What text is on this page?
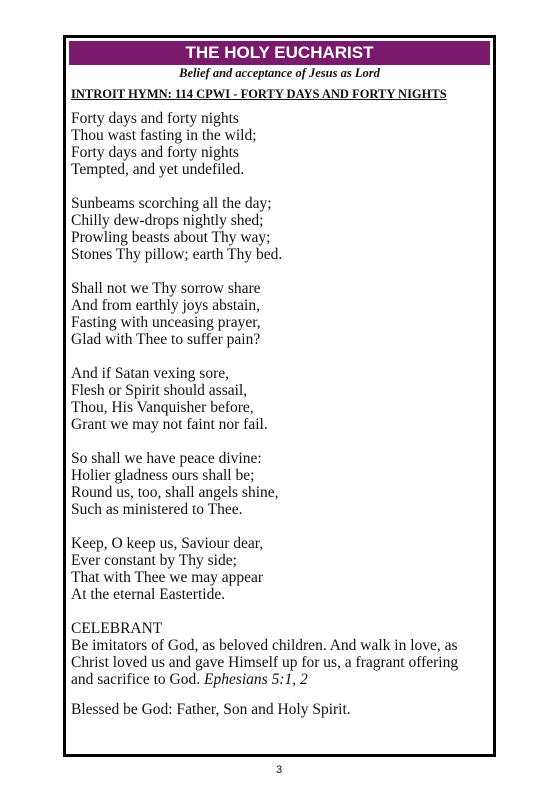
THE HOLY EUCHARIST
Belief and acceptance of Jesus as Lord
INTROIT HYMN: 114 CPWI - FORTY DAYS AND FORTY NIGHTS
Forty days and forty nights
Thou wast fasting in the wild;
Forty days and forty nights
Tempted, and yet undefiled.
Sunbeams scorching all the day;
Chilly dew-drops nightly shed;
Prowling beasts about Thy way;
Stones Thy pillow; earth Thy bed.
Shall not we Thy sorrow share
And from earthly joys abstain,
Fasting with unceasing prayer,
Glad with Thee to suffer pain?
And if Satan vexing sore,
Flesh or Spirit should assail,
Thou, His Vanquisher before,
Grant we may not faint nor fail.
So shall we have peace divine:
Holier gladness ours shall be;
Round us, too, shall angels shine,
Such as ministered to Thee.
Keep, O keep us, Saviour dear,
Ever constant by Thy side;
That with Thee we may appear
At the eternal Eastertide.
CELEBRANT
Be imitators of God, as beloved children. And walk in love, as
Christ loved us and gave Himself up for us, a fragrant offering
and sacrifice to God. Ephesians 5:1, 2
Blessed be God: Father, Son and Holy Spirit.
3
